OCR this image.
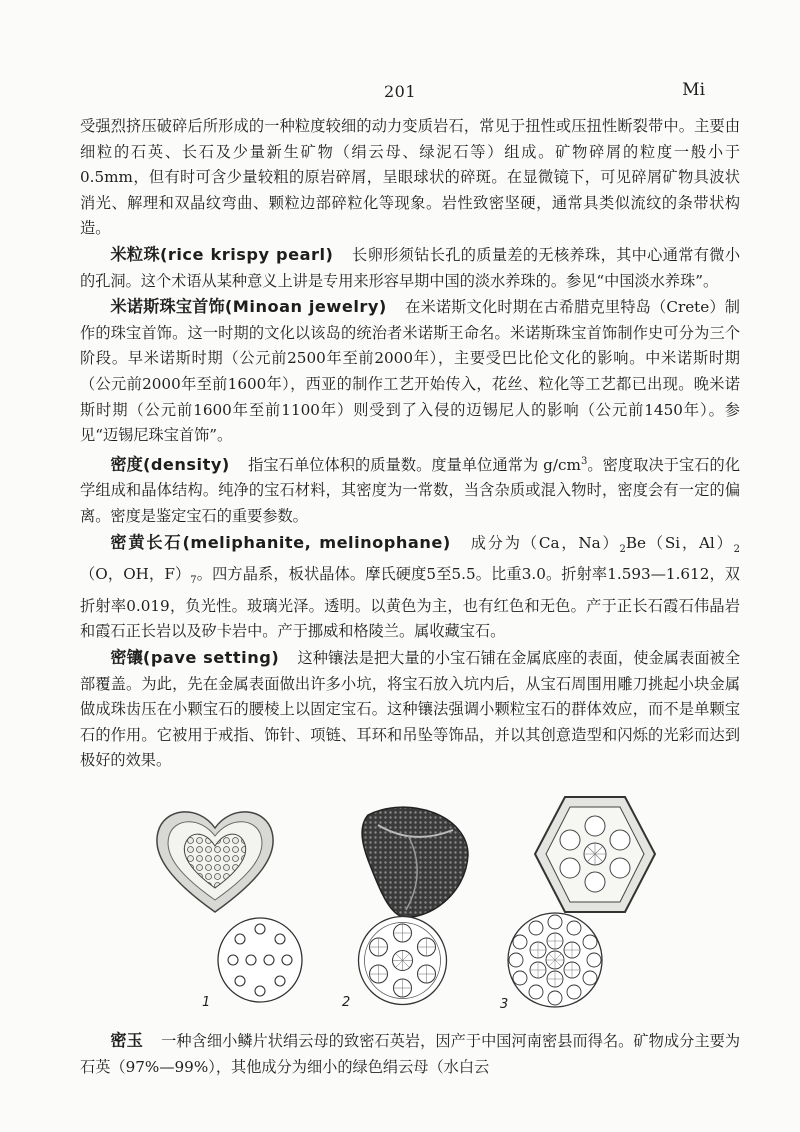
201	Mi

受强烈挤压破碎后所形成的一种粒度较细的动力变质岩石，常见于扭性或压扭性断裂带中。主要由细粒的石英、长石及少量新生矿物（绢云母、绿泥石等）组成。矿物碎屑的粒度一般小于0.5mm，但有时可含少量较粗的原岩碎屑，呈眼球状的碎斑。在显微镜下，可见碎屑矿物具波状消光、解理和双晶纹弯曲、颗粒边部碎粒化等现象。岩性致密坚硬，通常具类似流纹的条带状构造。

米粒珠(rice krispy pearl) 长卵形须钻长孔的质量差的无核养珠，其中心通常有微小的孔洞。这个术语从某种意义上讲是专用来形容早期中国的淡水养珠的。参见“中国淡水养珠”。

米诺斯珠宝首饰(Minoan jewelry) 在米诺斯文化时期在古希腊克里特岛（Crete）制作的珠宝首饰。这一时期的文化以该岛的统治者米诺斯王命名。米诺斯珠宝首饰制作史可分为三个阶段。早米诺斯时期（公元前2500年至前2000年），主要受巴比伦文化的影响。中米诺斯时期（公元前2000年至前1600年），西亚的制作工艺开始传入，花丝、粒化等工艺都已出现。晚米诺斯时期（公元前1600年至前1100年）则受到了入侵的迈锡尼人的影响（公元前1450年）。参见“迈锡尼珠宝首饰”。

密度(density) 指宝石单位体积的质量数。度量单位通常为 $g/cm^3$。密度取决于宝石的化学组成和晶体结构。纯净的宝石材料，其密度为一常数，当含杂质或混入物时，密度会有一定的偏离。密度是鉴定宝石的重要参数。

密黄长石(meliphanite, melinophane) 成分为（Ca，$Na)_2Be(Si$，$Al)_2(O$，OH，$F)_7$。四方晶系，板状晶体。摩氏硬度5至5.5。比重3.0。折射率1.593—1.612，双折射率0.019，负光性。玻璃光泽。透明。以黄色为主，也有红色和无色。产于正长石霞石伟晶岩和霞石正长岩以及矽卡岩中。产于挪威和格陵兰。属收藏宝石。

密镶(pave setting) 这种镶法是把大量的小宝石铺在金属底座的表面，使金属表面被全部覆盖。为此，先在金属表面做出许多小坑，将宝石放入坑内后，从宝石周围用雕刀挑起小块金属做成珠齿压在小颗宝石的腰棱上以固定宝石。这种镶法强调小颗粒宝石的群体效应，而不是单颗宝石的作用。它被用于戒指、饰针、项链、耳环和吊坠等饰品，并以其创意造型和闪烁的光彩而达到极好的效果。

1	2	3

密玉 一种含细小鳞片状绢云母的致密石英岩，因产于中国河南密县而得名。矿物成分主要为石英（97%—99%），其他成分为细小的绿色绢云母（水白云
